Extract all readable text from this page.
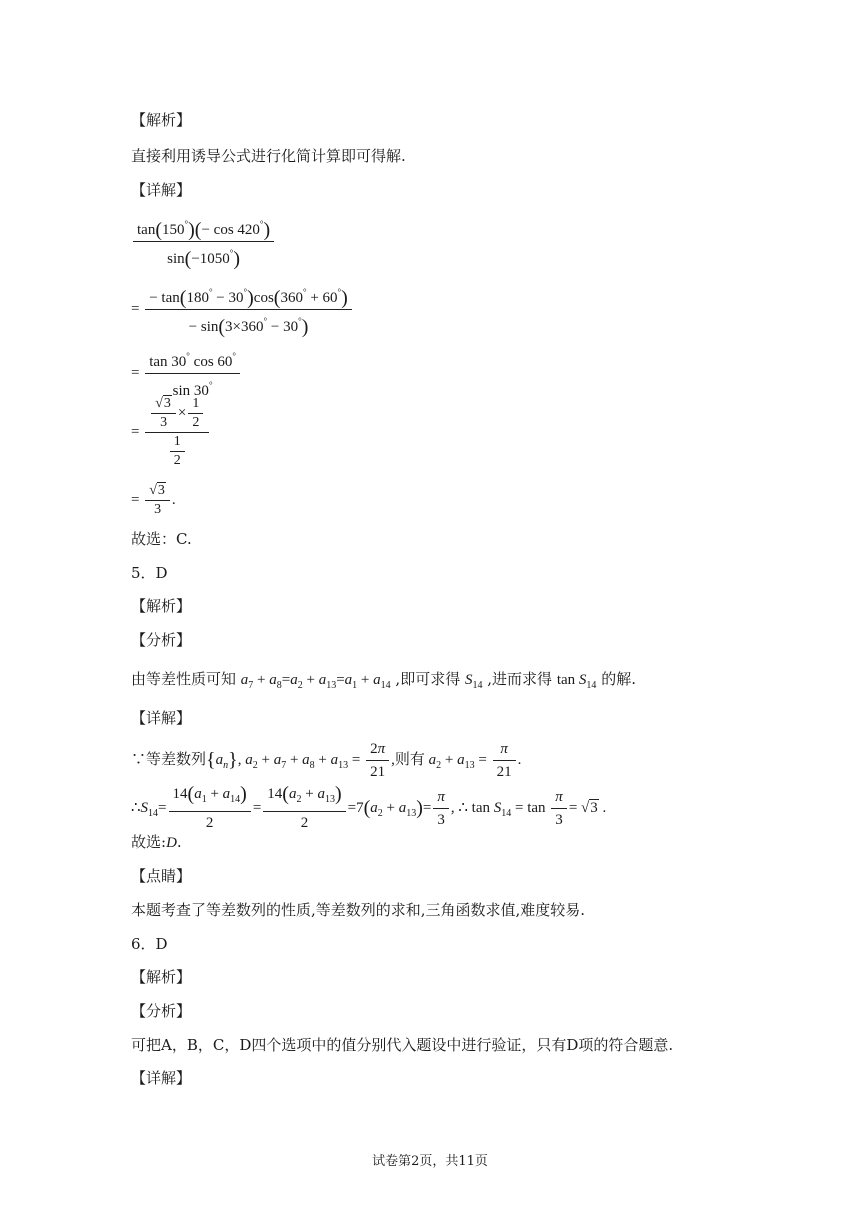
【解析】
直接利用诱导公式进行化简计算即可得解.
【详解】
$\frac{\tan(150^\circ)(- \cos 420^\circ)}{\sin(-1050^\circ)}$
= $\frac{- \tan(180^\circ - 30^\circ)\cos(360^\circ + 60^\circ)}{- \sin(3\times 360^\circ - 30^\circ)}$
= $\frac{\tan 30^\circ \cos 60^\circ}{\sin 30^\circ}$
= $\frac{\frac{√3}{3} \times \frac{1}{2}}{\frac{1}{2}}$
= $\frac{√3}{3}$ .
故选：C.
5．D
【解析】
【分析】
由等差性质可知 $a_7 + a_8=a_2 + a_{13}=a_1 + a_{14}$ ,即可求得 $S_{14}$ ,进而求得 $\tan S_{14}$ 的解.
【详解】
∵等差数列$\{a_n\}$, $a_2 + a_7 + a_8 + a_{13} = \frac{2\pi}{21}$ ,则有 $a_2 + a_{13} = \frac{\pi}{21}$ .
$\therefore S_{14}= \frac{14(a_1 + a_{14})}{2} = \frac{14(a_2 + a_{13})}{2} =7(a_2 + a_{13})= \frac{\pi}{3}$ , ∴ $\tan S_{14} = \tan \frac{\pi}{3} = √3$ .
故选:D.
【点睛】
本题考查了等差数列的性质,等差数列的求和,三角函数求值,难度较易.
6．D
【解析】
【分析】
可把A，B，C，D四个选项中的值分别代入题设中进行验证，只有D项的符合题意.
【详解】
试卷第2页，共11页
